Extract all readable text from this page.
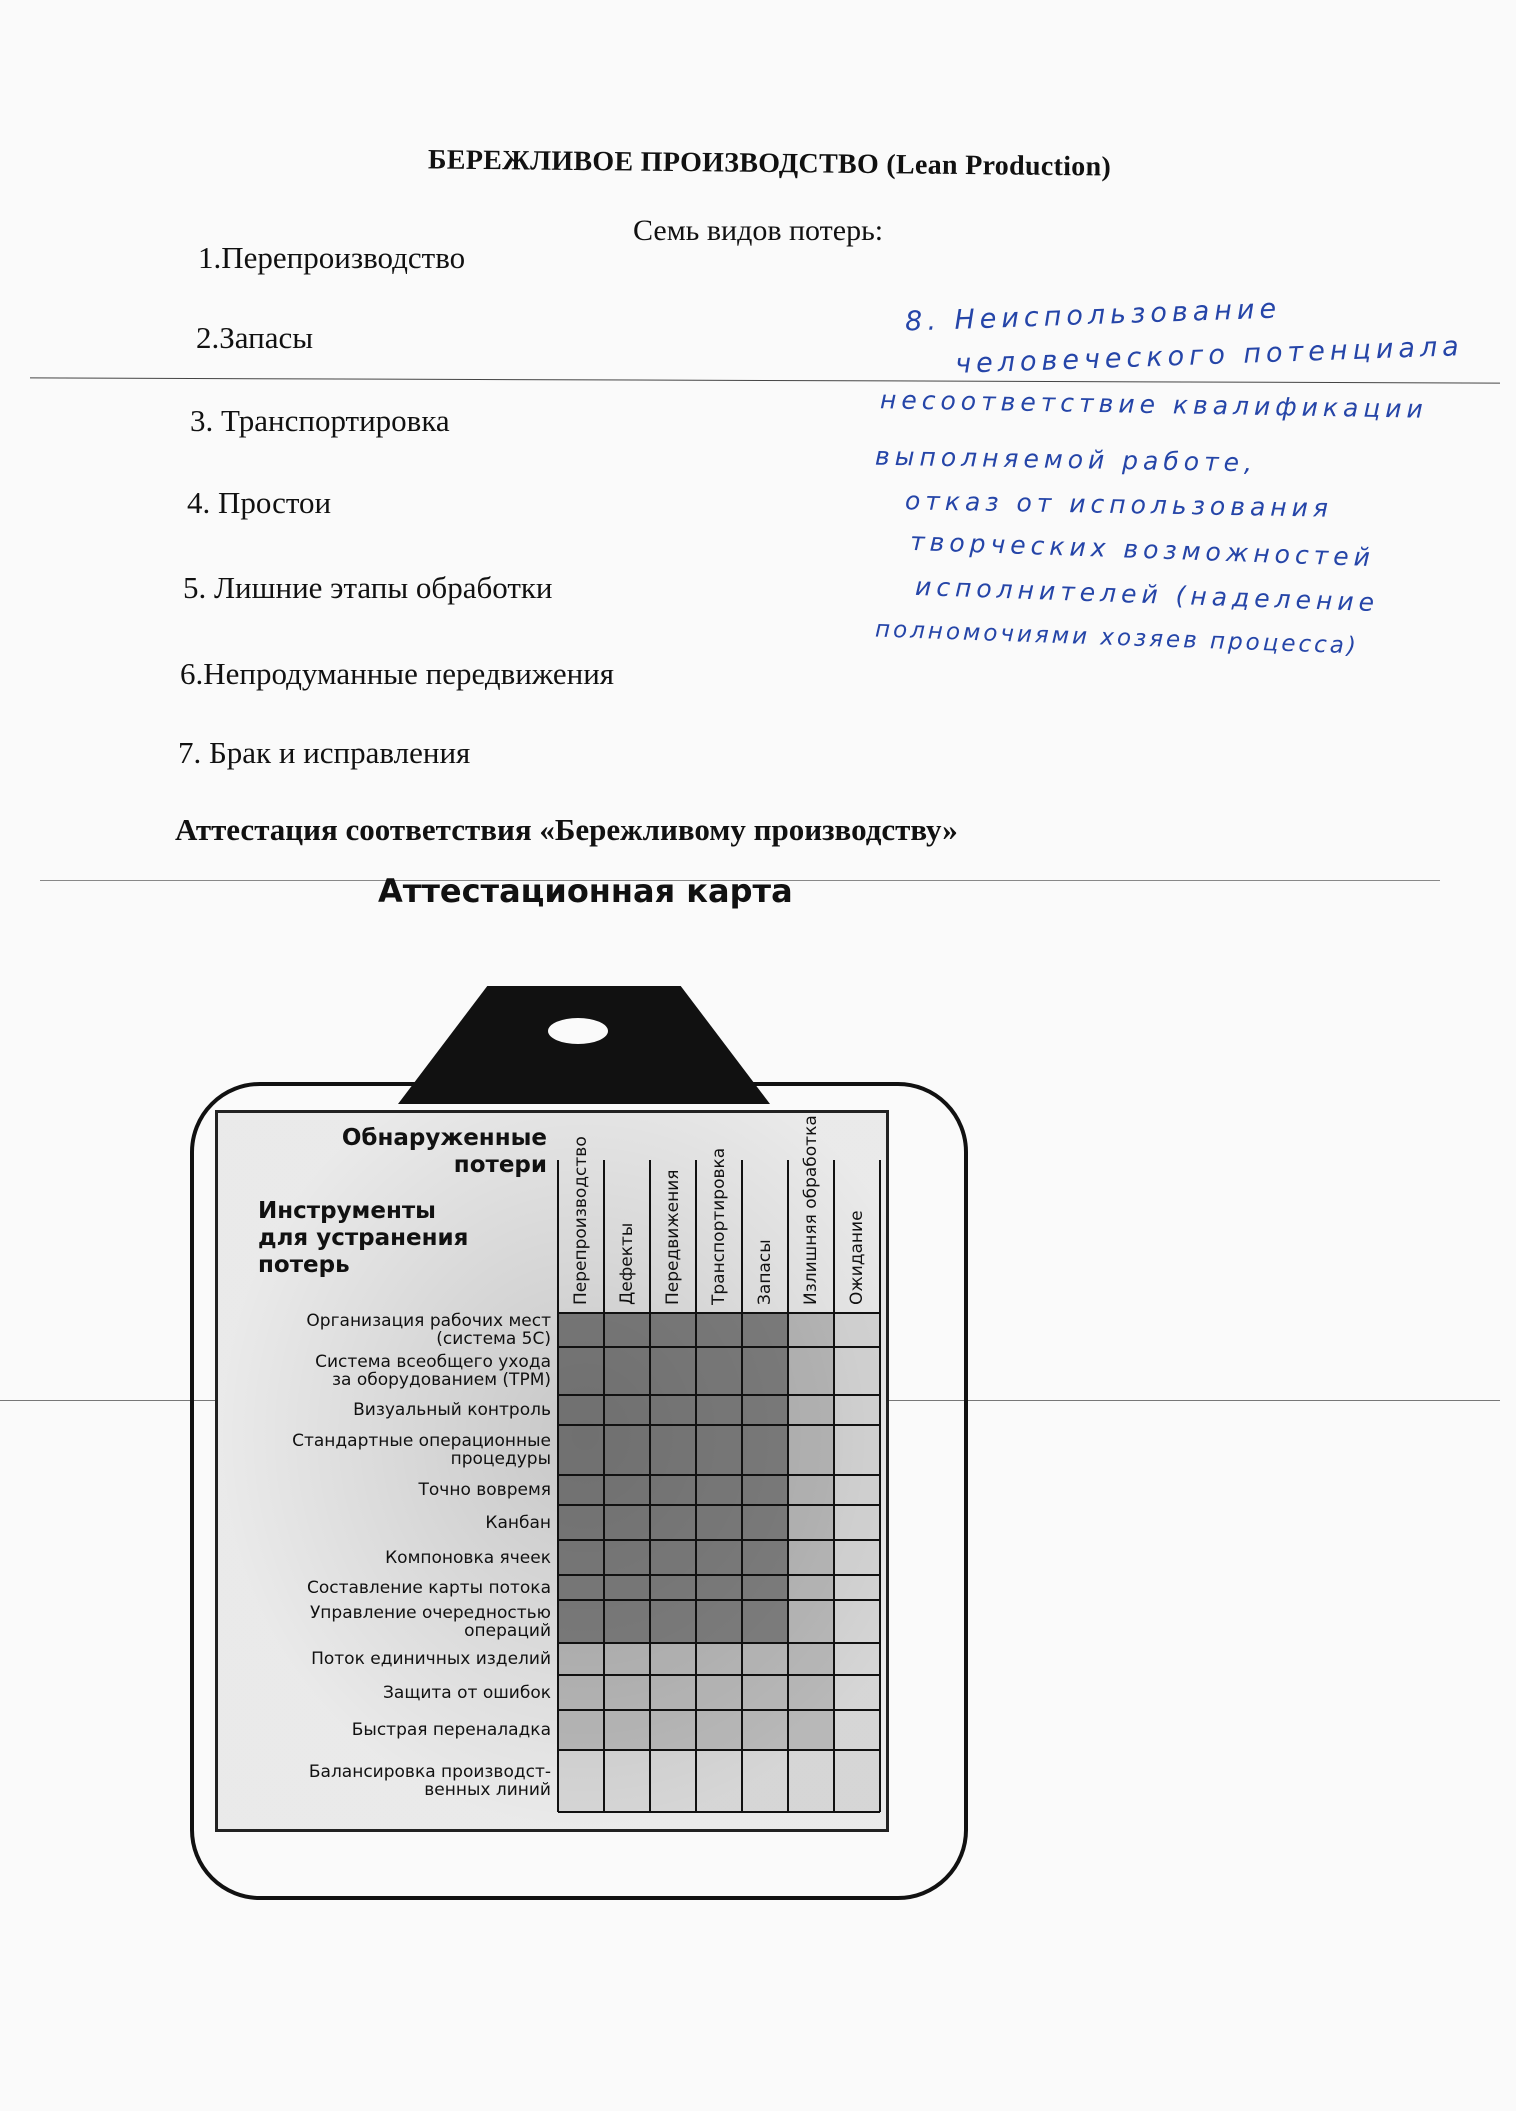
БЕРЕЖЛИВОЕ ПРОИЗВОДСТВО (Lean Production)
Семь видов потерь:
1.Перепроизводство
2.Запасы
3. Транспортировка
4. Простои
5. Лишние этапы обработки
6.Непродуманные передвижения
7. Брак и исправления
8. Неиспользование
человеческого потенциала
несоответствие квалификации
выполняемой работе,
отказ от использования
творческих возможностей
исполнителей (наделение
полномочиями хозяев процесса)
Аттестация соответствия «Бережливому производству»
Аттестационная карта
Обнаруженные
потери
Инструменты
для устранения
потерь	Перепроизводство Дефекты Передвижения Транспортировка Запасы Излишняя обработка Ожидание
Организация рабочих мест
(система 5С)
Система всеобщего ухода
за оборудованием (ТРМ)
Визуальный контроль
Стандартные операционные
процедуры
Точно вовремя
Канбан
Компоновка ячеек
Составление карты потока
Управление очередностью
операций
Поток единичных изделий
Защита от ошибок
Быстрая переналадка
Балансировка производст-
венных линий
